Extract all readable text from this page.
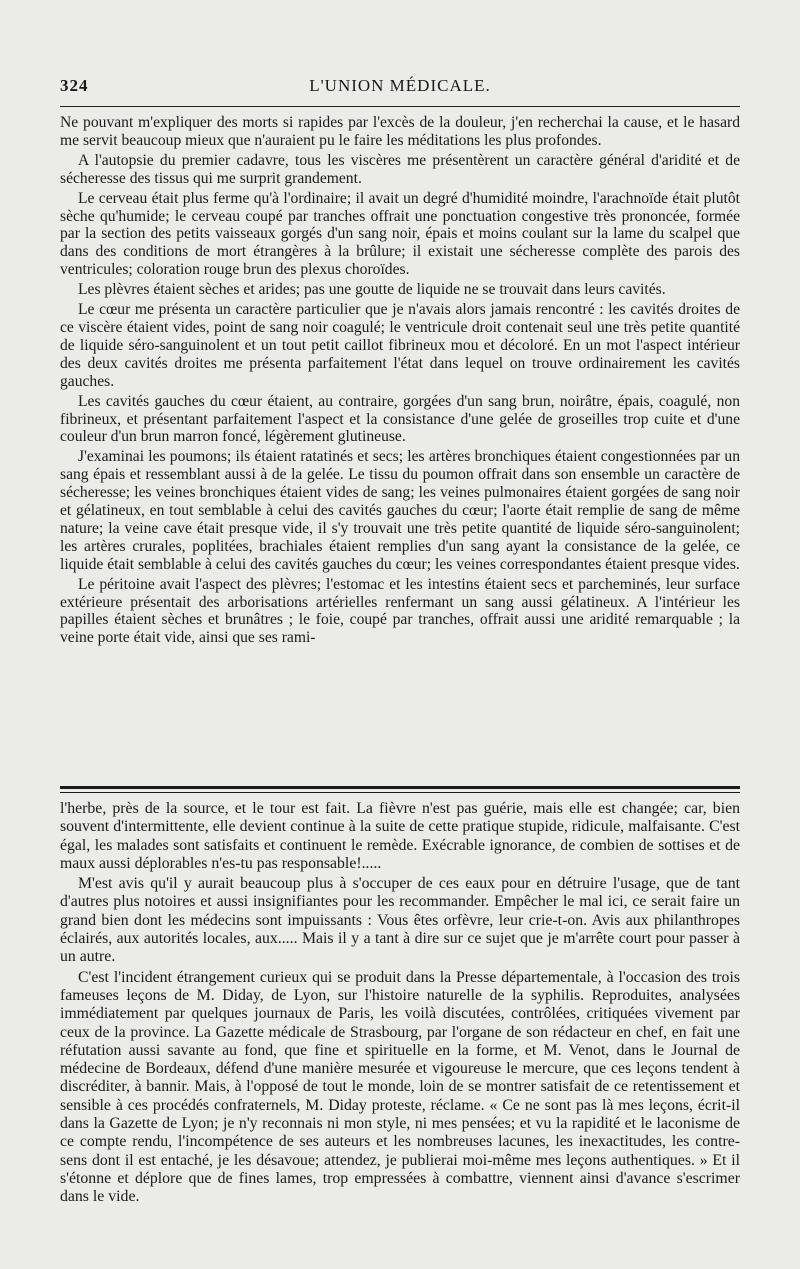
324	L'UNION MÉDICALE.

Ne pouvant m'expliquer des morts si rapides par l'excès de la douleur, j'en recherchai la cause, et le hasard me servit beaucoup mieux que n'auraient pu le faire les méditations les plus profondes.

A l'autopsie du premier cadavre, tous les viscères me présentèrent un caractère général d'aridité et de sécheresse des tissus qui me surprit grandement.

Le cerveau était plus ferme qu'à l'ordinaire; il avait un degré d'humidité moindre, l'arachnoïde était plutôt sèche qu'humide; le cerveau coupé par tranches offrait une ponctuation congestive très prononcée, formée par la section des petits vaisseaux gorgés d'un sang noir, épais et moins coulant sur la lame du scalpel que dans des conditions de mort étrangères à la brûlure; il existait une sécheresse complète des parois des ventricules; coloration rouge brun des plexus choroïdes.

Les plèvres étaient sèches et arides; pas une goutte de liquide ne se trouvait dans leurs cavités.

Le cœur me présenta un caractère particulier que je n'avais alors jamais rencontré : les cavités droites de ce viscère étaient vides, point de sang noir coagulé; le ventricule droit contenait seul une très petite quantité de liquide séro-sanguinolent et un tout petit caillot fibrineux mou et décoloré. En un mot l'aspect intérieur des deux cavités droites me présenta parfaitement l'état dans lequel on trouve ordinairement les cavités gauches.

Les cavités gauches du cœur étaient, au contraire, gorgées d'un sang brun, noirâtre, épais, coagulé, non fibrineux, et présentant parfaitement l'aspect et la consistance d'une gelée de groseilles trop cuite et d'une couleur d'un brun marron foncé, légèrement glutineuse.

J'examinai les poumons; ils étaient ratatinés et secs; les artères bronchiques étaient congestionnées par un sang épais et ressemblant aussi à de la gelée. Le tissu du poumon offrait dans son ensemble un caractère de sécheresse; les veines bronchiques étaient vides de sang; les veines pulmonaires étaient gorgées de sang noir et gélatineux, en tout semblable à celui des cavités gauches du cœur; l'aorte était remplie de sang de même nature; la veine cave était presque vide, il s'y trouvait une très petite quantité de liquide séro-sanguinolent; les artères crurales, poplitées, brachiales étaient remplies d'un sang ayant la consistance de la gelée, ce liquide était semblable à celui des cavités gauches du cœur; les veines correspondantes étaient presque vides.

Le péritoine avait l'aspect des plèvres; l'estomac et les intestins étaient secs et parcheminés, leur surface extérieure présentait des arborisations artérielles renfermant un sang aussi gélatineux. A l'intérieur les papilles étaient sèches et brunâtres ; le foie, coupé par tranches, offrait aussi une aridité remarquable ; la veine porte était vide, ainsi que ses rami-

l'herbe, près de la source, et le tour est fait. La fièvre n'est pas guérie, mais elle est changée; car, bien souvent d'intermittente, elle devient continue à la suite de cette pratique stupide, ridicule, malfaisante. C'est égal, les malades sont satisfaits et continuent le remède. Exécrable ignorance, de combien de sottises et de maux aussi déplorables n'es-tu pas responsable!.....

M'est avis qu'il y aurait beaucoup plus à s'occuper de ces eaux pour en détruire l'usage, que de tant d'autres plus notoires et aussi insignifiantes pour les recommander. Empêcher le mal ici, ce serait faire un grand bien dont les médecins sont impuissants : Vous êtes orfèvre, leur crie-t-on. Avis aux philanthropes éclairés, aux autorités locales, aux..... Mais il y a tant à dire sur ce sujet que je m'arrête court pour passer à un autre.

C'est l'incident étrangement curieux qui se produit dans la Presse départementale, à l'occasion des trois fameuses leçons de M. Diday, de Lyon, sur l'histoire naturelle de la syphilis. Reproduites, analysées immédiatement par quelques journaux de Paris, les voilà discutées, contrôlées, critiquées vivement par ceux de la province. La Gazette médicale de Strasbourg, par l'organe de son rédacteur en chef, en fait une réfutation aussi savante au fond, que fine et spirituelle en la forme, et M. Venot, dans le Journal de médecine de Bordeaux, défend d'une manière mesurée et vigoureuse le mercure, que ces leçons tendent à discréditer, à bannir. Mais, à l'opposé de tout le monde, loin de se montrer satisfait de ce retentissement et sensible à ces procédés confraternels, M. Diday proteste, réclame. « Ce ne sont pas là mes leçons, écrit-il dans la Gazette de Lyon; je n'y reconnais ni mon style, ni mes pensées; et vu la rapidité et le laconisme de ce compte rendu, l'incompétence de ses auteurs et les nombreuses lacunes, les inexactitudes, les contre-sens dont il est entaché, je les désavoue; attendez, je publierai moi-même mes leçons authentiques. » Et il s'étonne et déplore que de fines lames, trop empressées à combattre, viennent ainsi d'avance s'escrimer dans le vide.
